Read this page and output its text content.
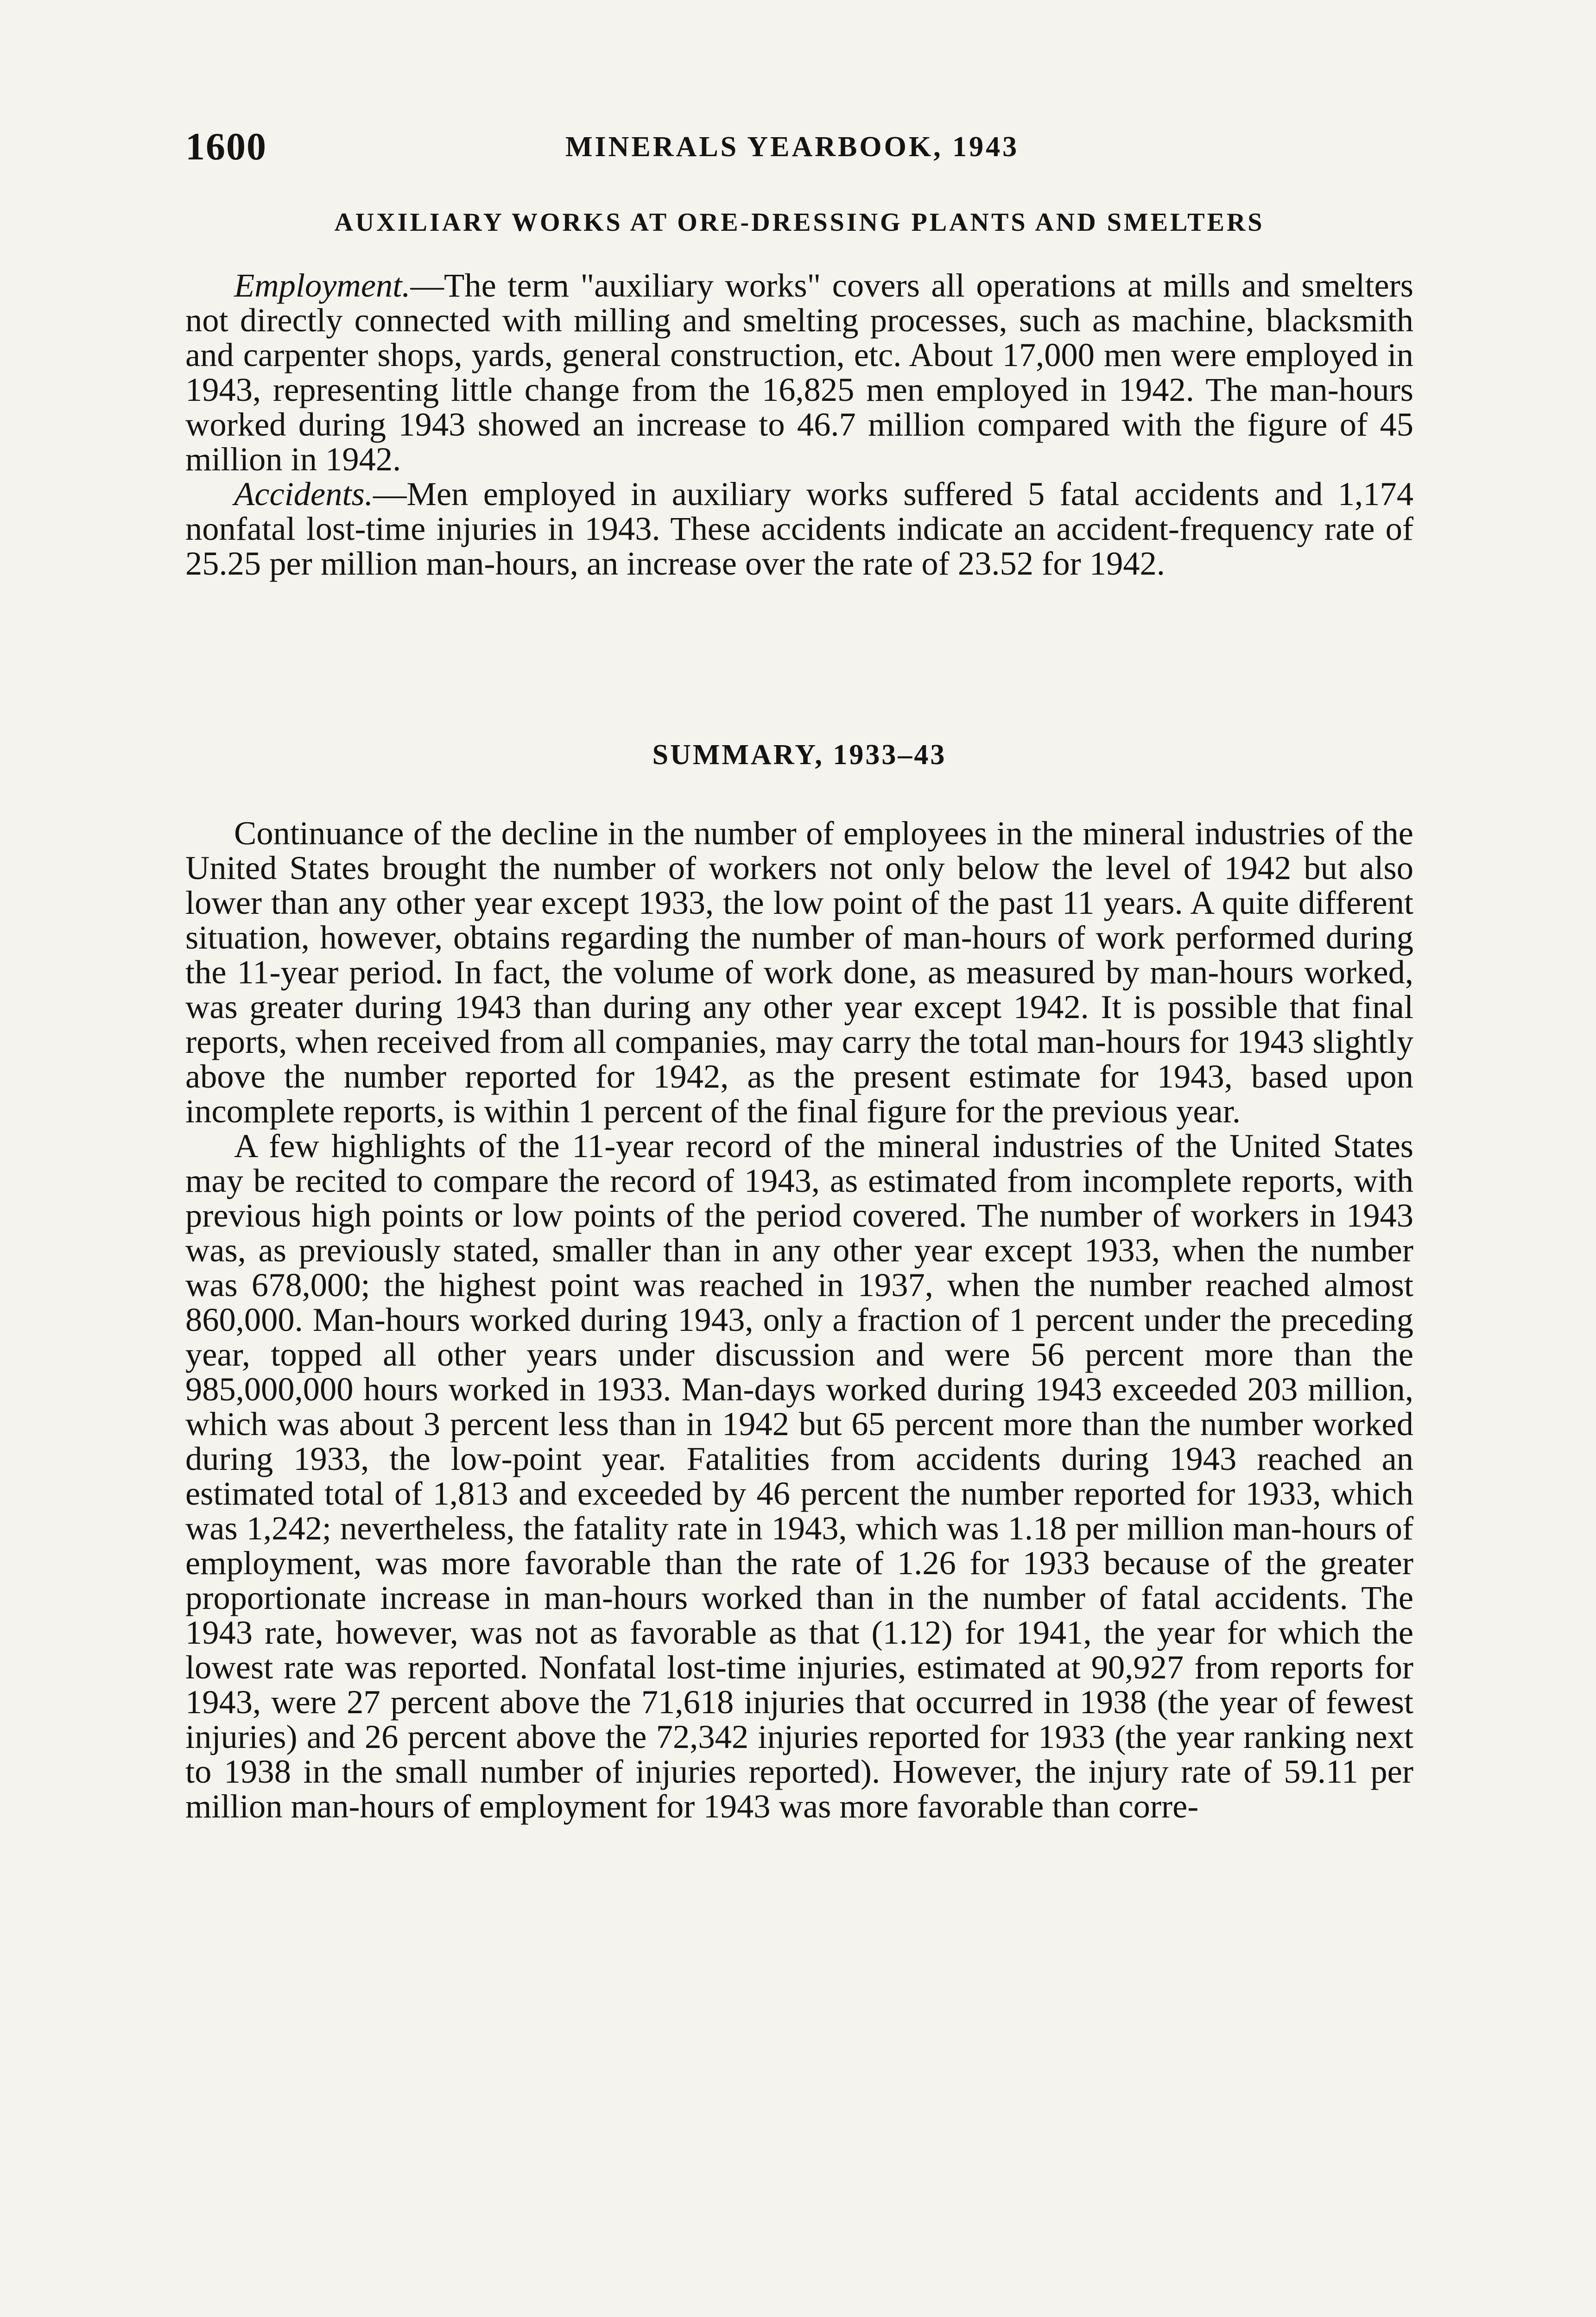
1600	MINERALS YEARBOOK, 1943
AUXILIARY WORKS AT ORE-DRESSING PLANTS AND SMELTERS

Employment.—The term "auxiliary works" covers all operations at mills and smelters not directly connected with milling and smelting processes, such as machine, blacksmith and carpenter shops, yards, general construction, etc. About 17,000 men were employed in 1943, representing little change from the 16,825 men employed in 1942. The man-hours worked during 1943 showed an increase to 46.7 million compared with the figure of 45 million in 1942.

Accidents.—Men employed in auxiliary works suffered 5 fatal accidents and 1,174 nonfatal lost-time injuries in 1943. These accidents indicate an accident-frequency rate of 25.25 per million man-hours, an increase over the rate of 23.52 for 1942.

SUMMARY, 1933–43

Continuance of the decline in the number of employees in the mineral industries of the United States brought the number of workers not only below the level of 1942 but also lower than any other year except 1933, the low point of the past 11 years. A quite different situation, however, obtains regarding the number of man-hours of work performed during the 11-year period. In fact, the volume of work done, as measured by man-hours worked, was greater during 1943 than during any other year except 1942. It is possible that final reports, when received from all companies, may carry the total man-hours for 1943 slightly above the number reported for 1942, as the present estimate for 1943, based upon incomplete reports, is within 1 percent of the final figure for the previous year.

A few highlights of the 11-year record of the mineral industries of the United States may be recited to compare the record of 1943, as estimated from incomplete reports, with previous high points or low points of the period covered. The number of workers in 1943 was, as previously stated, smaller than in any other year except 1933, when the number was 678,000; the highest point was reached in 1937, when the number reached almost 860,000. Man-hours worked during 1943, only a fraction of 1 percent under the preceding year, topped all other years under discussion and were 56 percent more than the 985,000,000 hours worked in 1933. Man-days worked during 1943 exceeded 203 million, which was about 3 percent less than in 1942 but 65 percent more than the number worked during 1933, the low-point year. Fatalities from accidents during 1943 reached an estimated total of 1,813 and exceeded by 46 percent the number reported for 1933, which was 1,242; nevertheless, the fatality rate in 1943, which was 1.18 per million man-hours of employment, was more favorable than the rate of 1.26 for 1933 because of the greater proportionate increase in man-hours worked than in the number of fatal accidents. The 1943 rate, however, was not as favorable as that (1.12) for 1941, the year for which the lowest rate was reported. Nonfatal lost-time injuries, estimated at 90,927 from reports for 1943, were 27 percent above the 71,618 injuries that occurred in 1938 (the year of fewest injuries) and 26 percent above the 72,342 injuries reported for 1933 (the year ranking next to 1938 in the small number of injuries reported). However, the injury rate of 59.11 per million man-hours of employment for 1943 was more favorable than corre-
